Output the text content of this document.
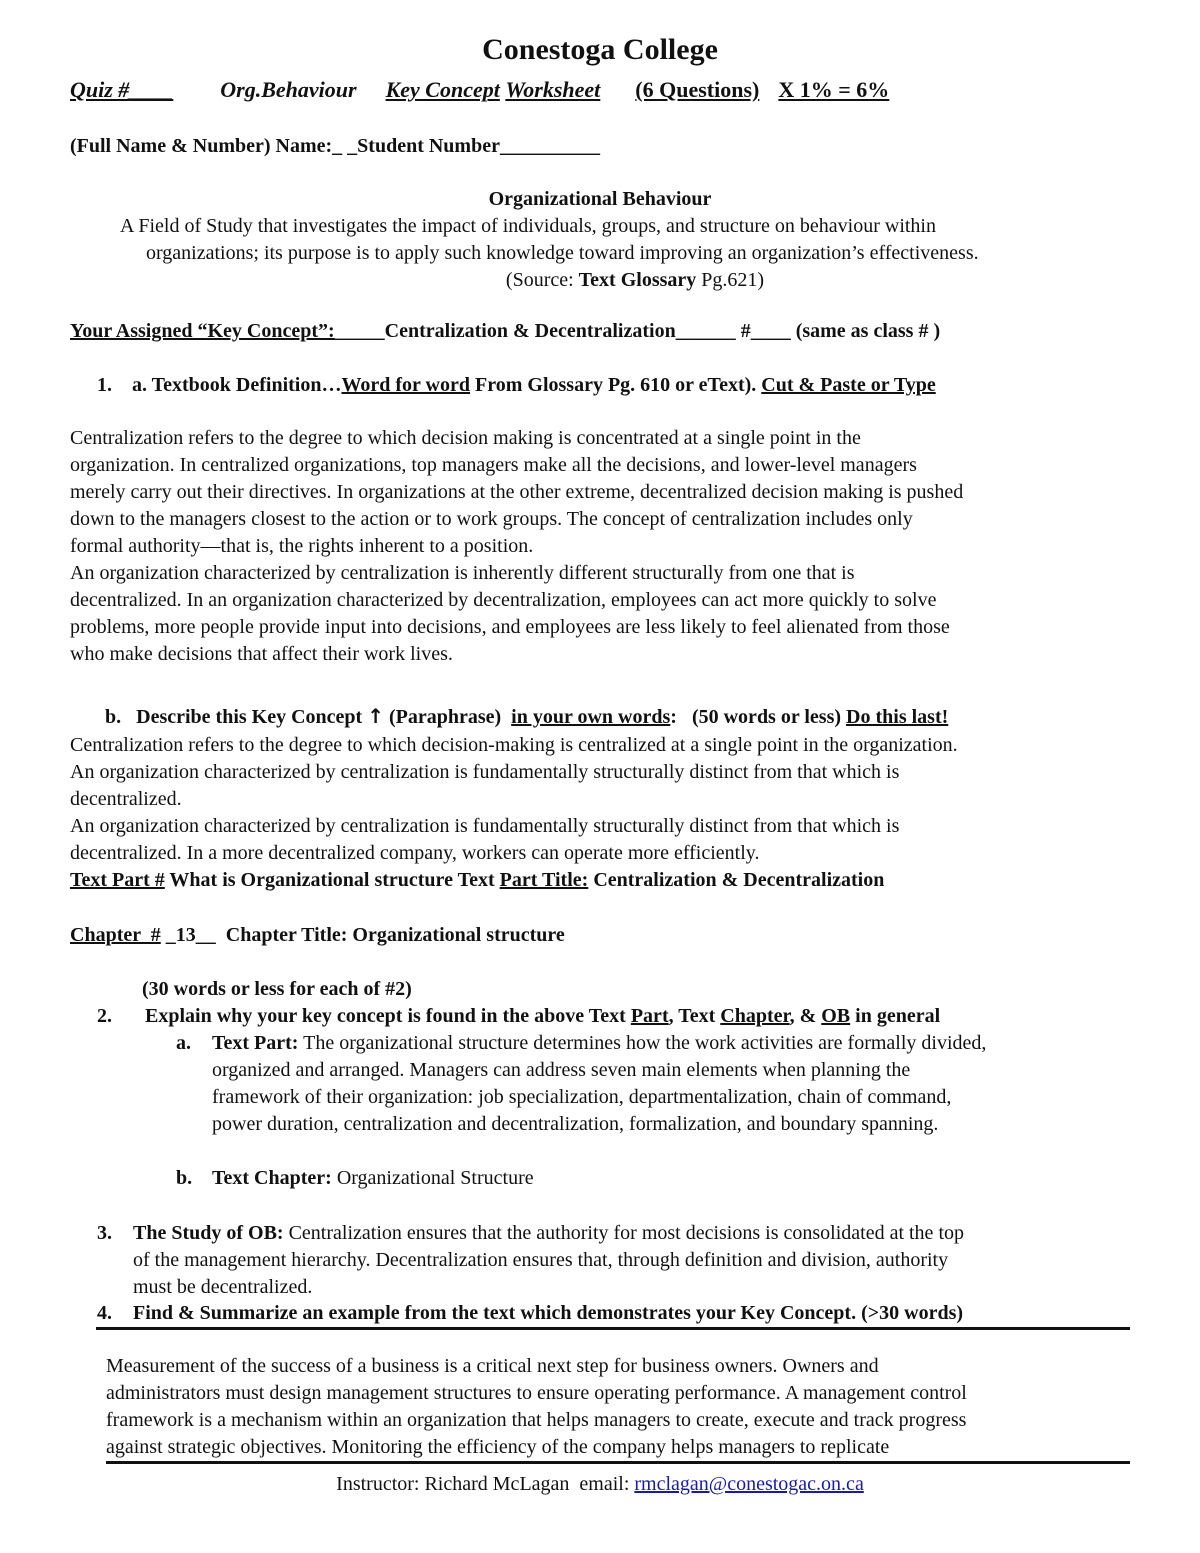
Conestoga College
Quiz #____ Org.Behaviour Key Concept Worksheet (6 Questions) X 1% = 6%
(Full Name & Number) Name:_ _Student Number__________
Organizational Behaviour
A Field of Study that investigates the impact of individuals, groups, and structure on behaviour within
organizations; its purpose is to apply such knowledge toward improving an organization’s effectiveness.
(Source: Text Glossary Pg.621)
Your Assigned “Key Concept”:_____Centralization & Decentralization______ #____ (same as class # )
1. a. Textbook Definition…Word for word From Glossary Pg. 610 or eText). Cut & Paste or Type

Centralization refers to the degree to which decision making is concentrated at a single point in the

organization. In centralized organizations, top managers make all the decisions, and lower-level managers

merely carry out their directives. In organizations at the other extreme, decentralized decision making is pushed

down to the managers closest to the action or to work groups. The concept of centralization includes only

formal authority—that is, the rights inherent to a position.

An organization characterized by centralization is inherently different structurally from one that is

decentralized. In an organization characterized by decentralization, employees can act more quickly to solve

problems, more people provide input into decisions, and employees are less likely to feel alienated from those

who make decisions that affect their work lives.

b.   Describe this Key Concept ↑ (Paraphrase)  in your own words:   (50 words or less) Do this last!

Centralization refers to the degree to which decision-making is centralized at a single point in the organization.

An organization characterized by centralization is fundamentally structurally distinct from that which is

decentralized.

An organization characterized by centralization is fundamentally structurally distinct from that which is

decentralized. In a more decentralized company, workers can operate more efficiently.

Text Part # What is Organizational structure Text Part Title: Centralization & Decentralization
Chapter  # _13__  Chapter Title: Organizational structure
(30 words or less for each of #2)
2. Explain why your key concept is found in the above Text Part, Text Chapter, & OB in general
a. Text Part: The organizational structure determines how the work activities are formally divided,
organized and arranged. Managers can address seven main elements when planning the
framework of their organization: job specialization, departmentalization, chain of command,
power duration, centralization and decentralization, formalization, and boundary spanning.
b. Text Chapter: Organizational Structure
3. The Study of OB: Centralization ensures that the authority for most decisions is consolidated at the top
of the management hierarchy. Decentralization ensures that, through definition and division, authority
must be decentralized.
4. Find & Summarize an example from the text which demonstrates your Key Concept. (>30 words)
Measurement of the success of a business is a critical next step for business owners. Owners and
administrators must design management structures to ensure operating performance. A management control
framework is a mechanism within an organization that helps managers to create, execute and track progress
against strategic objectives. Monitoring the efficiency of the company helps managers to replicate
Instructor: Richard McLagan  email: rmclagan@conestogac.on.ca
